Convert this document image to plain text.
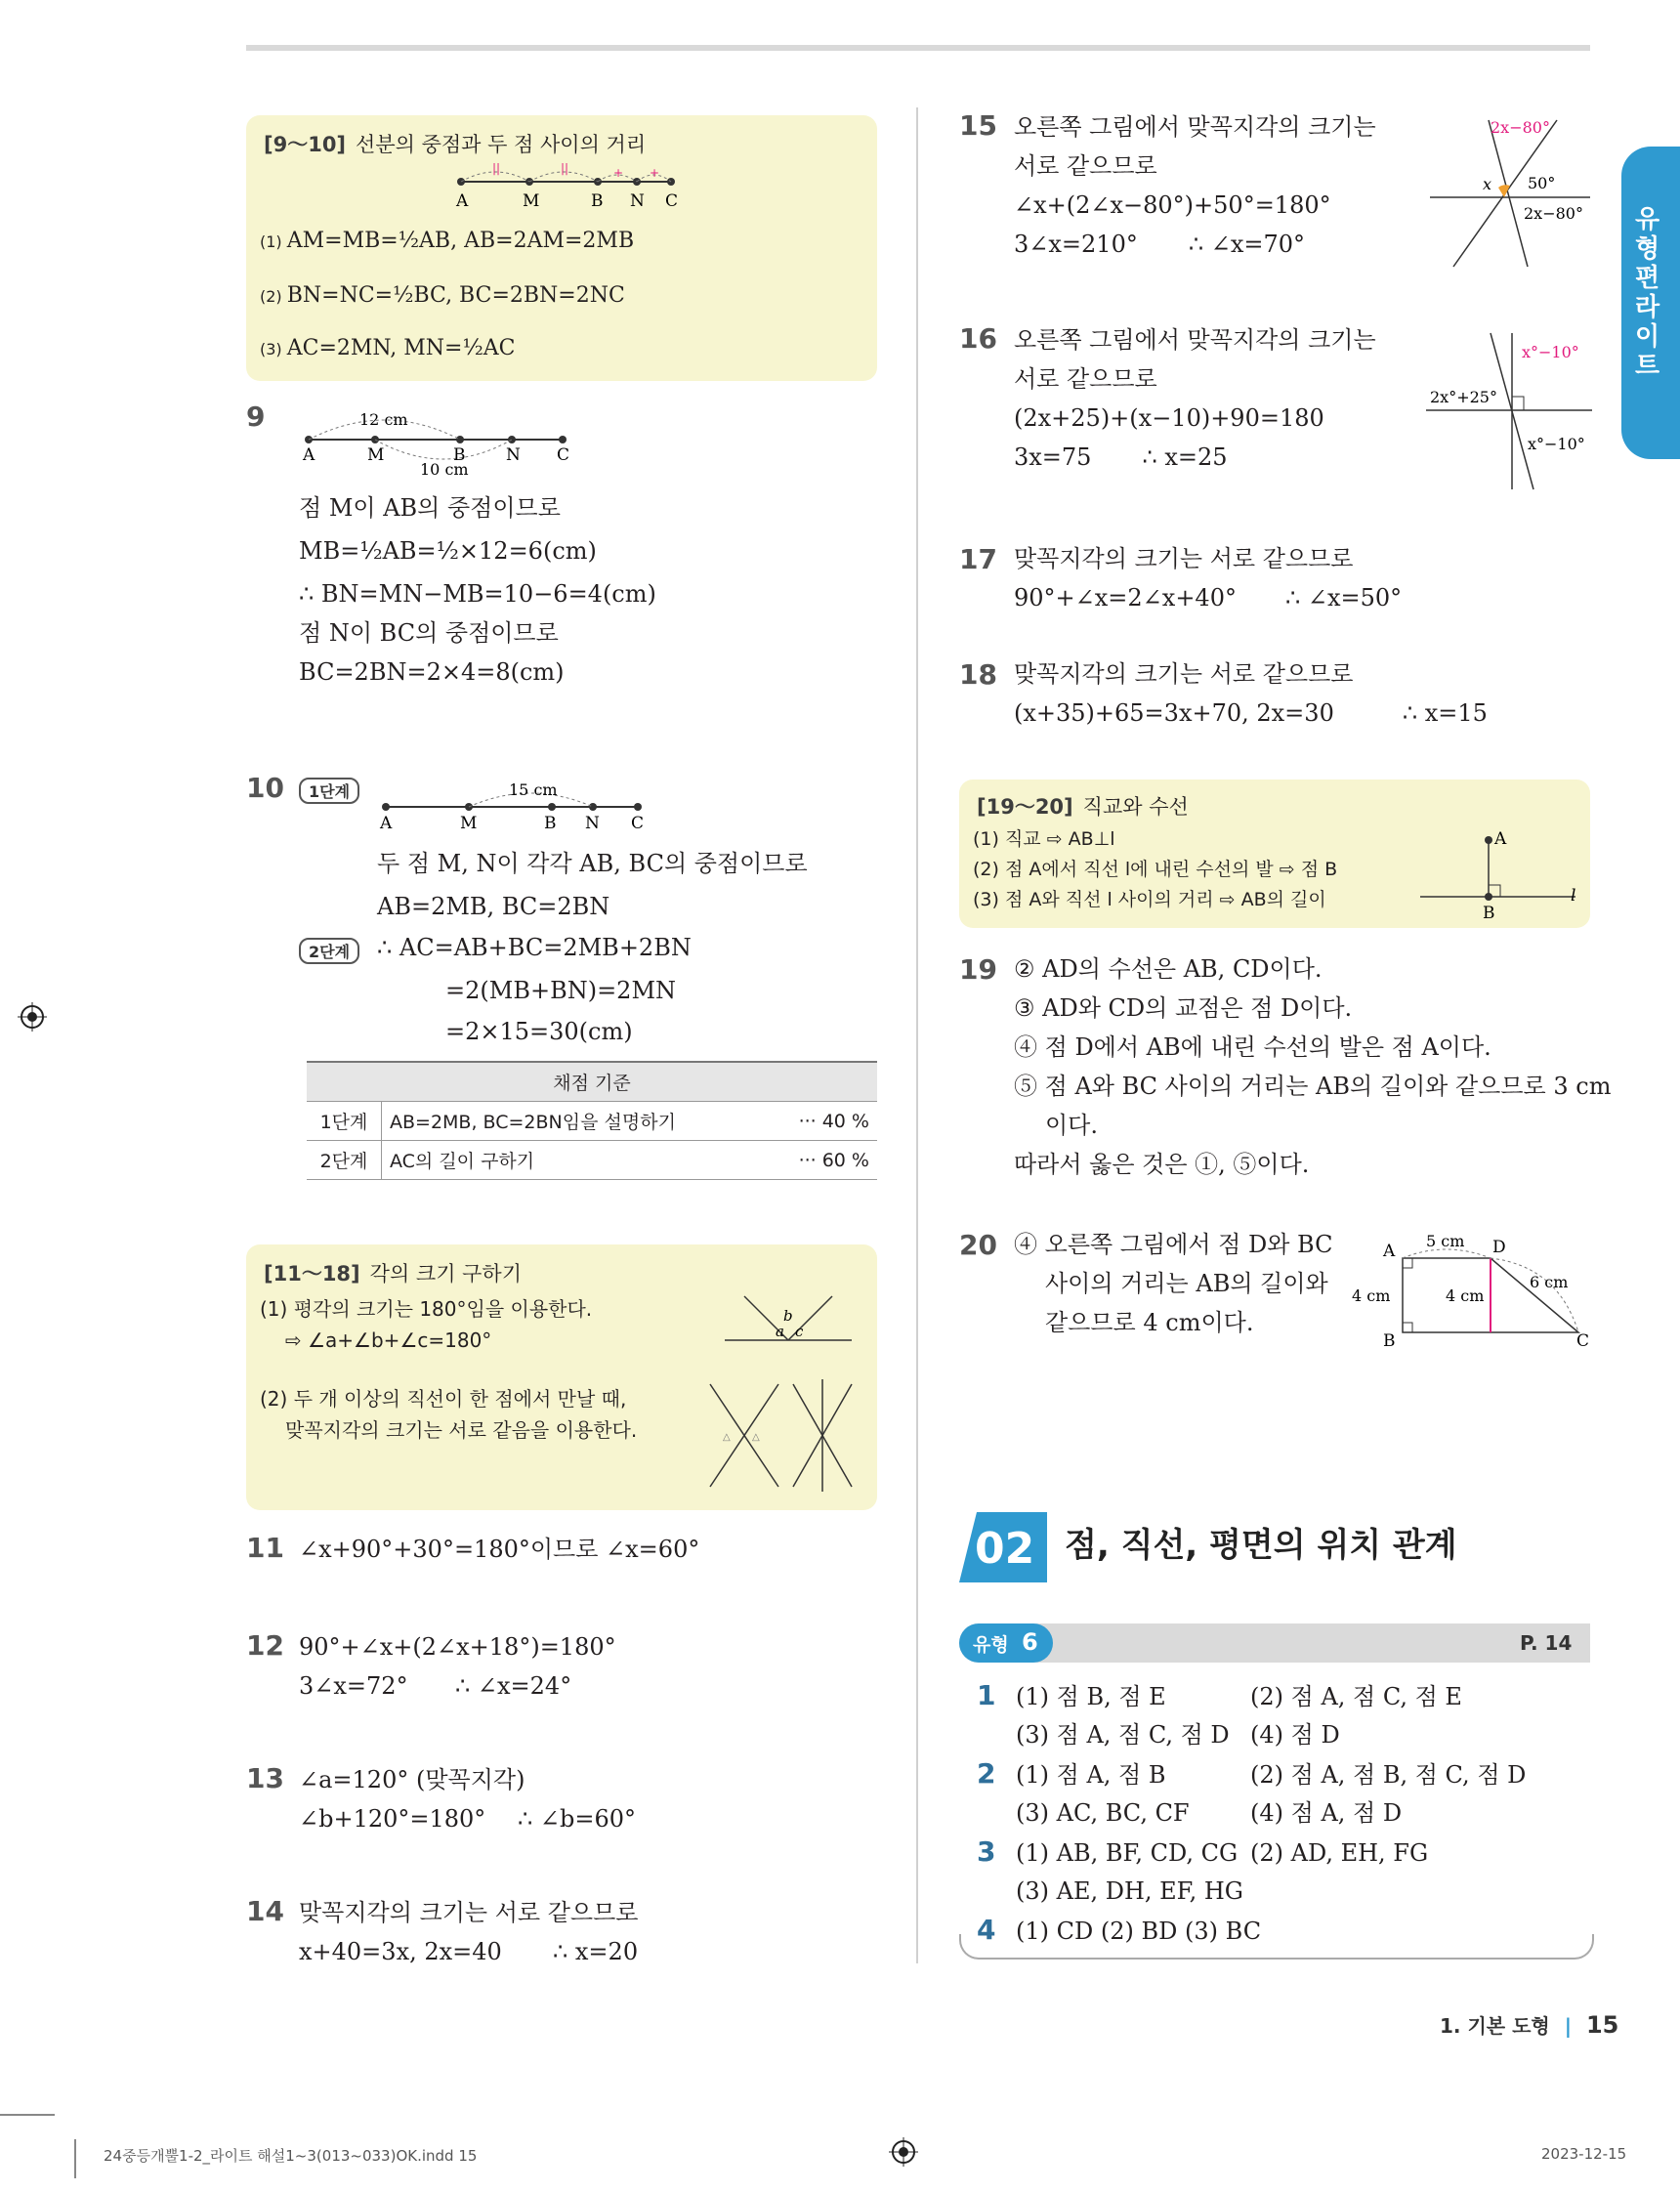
[9～10] 선분의 중점과 두 점 사이의 거리
A	M	B N C
||	||	+ +
(1) AM=MB=½AB, AB=2AM=2MB
(2) BN=NC=½BC, BC=2BN=2NC
(3) AC=2MN, MN=½AC
9	12 cm
10 cm
A	M	B N C
점 M이 AB의 중점이므로
MB=½AB=½×12=6(cm)
∴ BN=MN−MB=10−6=4(cm)
점 N이 BC의 중점이므로
BC=2BN=2×4=8(cm)
10	1단계	15 cm
A	M	B N C
두 점 M, N이 각각 AB, BC의 중점이므로
AB=2MB, BC=2BN
2단계	∴ AC=AB+BC=2MB+2BN
=2(MB+BN)=2MN
=2×15=30(cm)
채점 기준		
1단계	AB=2MB, BC=2BN임을 설명하기	··· 40 %
2단계	AC의 길이 구하기	··· 60 %
[11～18] 각의 크기 구하기
(1) 평각의 크기는 180°임을 이용한다.
⇨ ∠a+∠b+∠c=180°
(2) 두 개 이상의 직선이 한 점에서 만날 때,
맞꼭지각의 크기는 서로 같음을 이용한다.
a
b
c
△ △
11 ∠x+90°+30°=180°이므로 ∠x=60°
12 90°+∠x+(2∠x+18°)=180°
3∠x=72° ∴ ∠x=24°
13 ∠a=120° (맞꼭지각)
∠b+120°=180° ∴ ∠b=60°
14 맞꼭지각의 크기는 서로 같으므로
x+40=3x, 2x=40 ∴ x=20
15 오른쪽 그림에서 맞꼭지각의 크기는
서로 같으므로
∠x+(2∠x−80°)+50°=180°
3∠x=210° ∴ ∠x=70°
2x−80°
50°
2x−80°
x
16 오른쪽 그림에서 맞꼭지각의 크기는
서로 같으므로
(2x+25)+(x−10)+90=180
3x=75 ∴ x=25
x°−10°
2x°+25°
x°−10°
17 맞꼭지각의 크기는 서로 같으므로
90°+∠x=2∠x+40° ∴ ∠x=50°
18 맞꼭지각의 크기는 서로 같으므로
(x+35)+65=3x+70, 2x=30	∴ x=15
[19～20] 직교와 수선
(1) 직교 ⇨ AB⊥l
(2) 점 A에서 직선 l에 내린 수선의 발 ⇨ 점 B
(3) 점 A와 직선 l 사이의 거리 ⇨ AB의 길이
A
B
l
19 ② AD의 수선은 AB, CD이다.
③ AD와 CD의 교점은 점 D이다.
④ 점 D에서 AB에 내린 수선의 발은 점 A이다.
⑤ 점 A와 BC 사이의 거리는 AB의 길이와 같으므로 3 cm
이다.
따라서 옳은 것은 ①, ⑤이다.
20 ④ 오른쪽 그림에서 점 D와 BC
사이의 거리는 AB의 길이와
같으므로 4 cm이다.
5 cm
4 cm	4 cm
6 cm
A
B	C
D
02 점, 직선, 평면의 위치 관계
유형 6	P. 14
1 (1) 점 B, 점 E	(2) 점 A, 점 C, 점 E
(3) 점 A, 점 C, 점 D (4) 점 D
2 (1) 점 A, 점 B	(2) 점 A, 점 B, 점 C, 점 D
(3) AC, BC, CF	(4) 점 A, 점 D
3 (1) AB, BF, CD, CG (2) AD, EH, FG
(3) AE, DH, EF, HG
4 (1) CD (2) BD (3) BC
유형편 라이트
1. 기본 도형 | 15
24중등개뿔1-2_라이트 해설1~3(013~033)OK.indd 15	2023-12-15
